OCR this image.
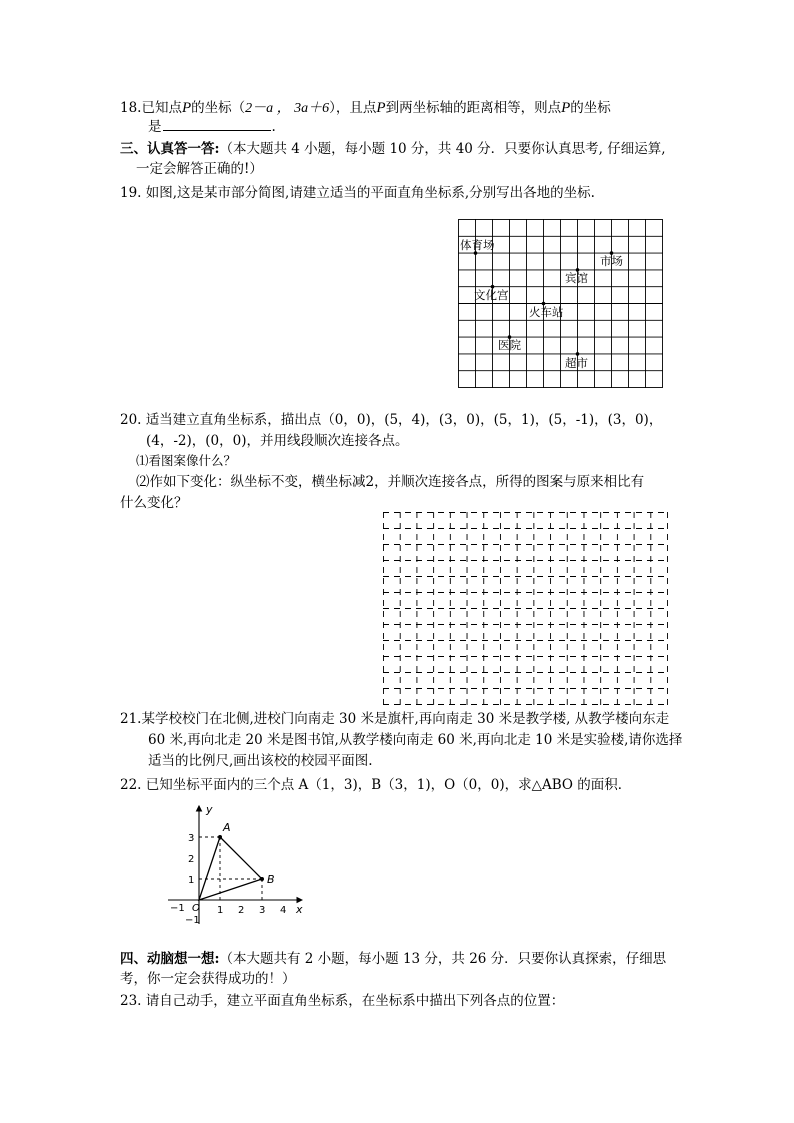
18.已知点P的坐标（2－a ， 3a＋6），且点P到两坐标轴的距离相等，则点P的坐标
是	.
三、认真答一答:（本大题共 4 小题，每小题 10 分，共 40 分．只要你认真思考, 仔细运算,
一定会解答正确的!）
19. 如图,这是某市部分简图,请建立适当的平面直角坐标系,分别写出各地的坐标.
体育场
市场
宾馆
文化宫
火车站
医院
超市
20. 适当建立直角坐标系，描出点（0，0)，(5，4)，(3，0)，(5，1)，(5，-1)，(3，0)，
(4，-2)，(0，0)，并用线段顺次连接各点。
⑴看图案像什么？
⑵作如下变化：纵坐标不变，横坐标减2，并顺次连接各点，所得的图案与原来相比有
什么变化？
21.某学校校门在北侧,进校门向南走 30 米是旗杆,再向南走 30 米是教学楼, 从教学楼向东走
60 米,再向北走 20 米是图书馆,从教学楼向南走 60 米,再向北走 10 米是实验楼,请你选择
适当的比例尺,画出该校的校园平面图.
22. 已知坐标平面内的三个点 A（1，3)，B（3，1)，O（0，0)，求△ABO 的面积．
y
x
A
B
O
−1	1 2 3 4
3
2
1
−1
四、动脑想一想:（本大题共有 2 小题，每小题 13 分，共 26 分．只要你认真探索，仔细思
考，你一定会获得成功的！）
23. 请自己动手，建立平面直角坐标系，在坐标系中描出下列各点的位置：
